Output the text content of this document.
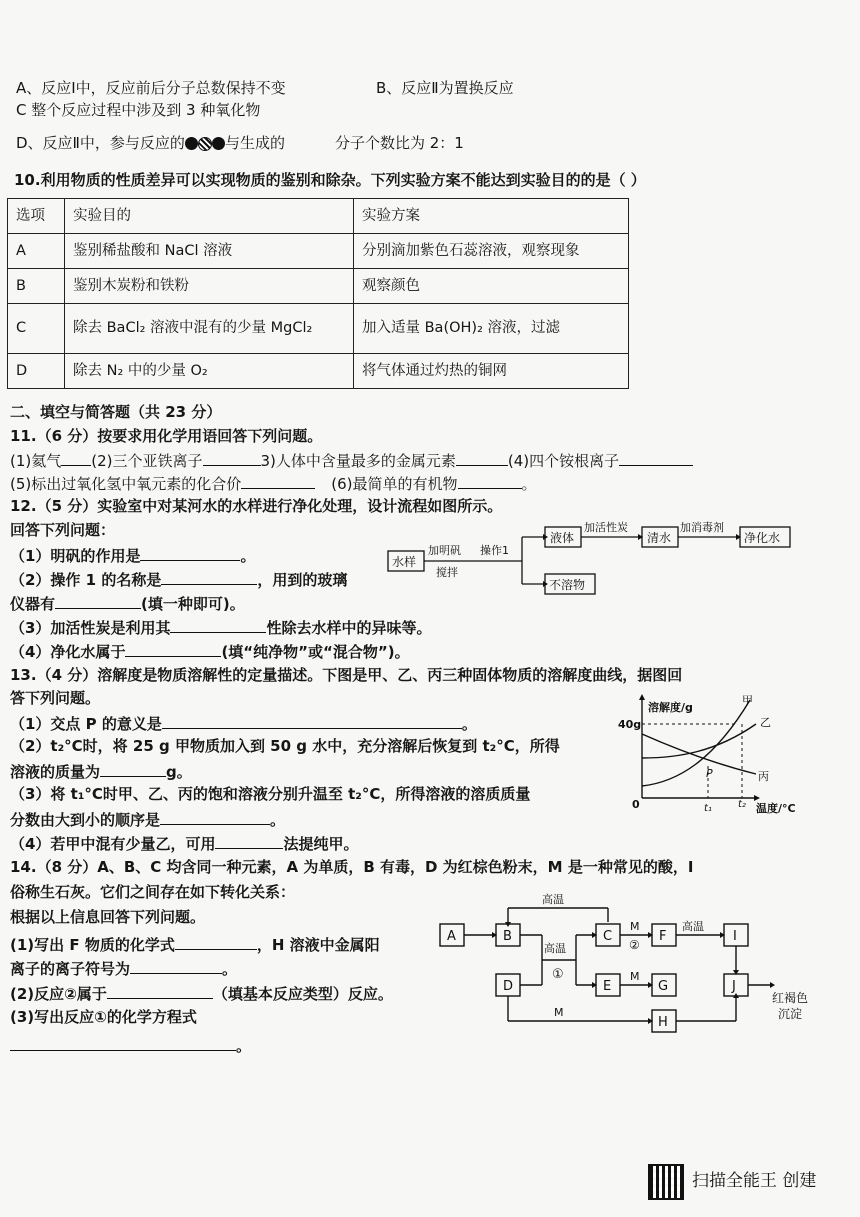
A、反应Ⅰ中，反应前后分子总数保持不变
C 整个反应过程中涉及到 3 种氧化物
B、反应Ⅱ为置换反应
D、反应Ⅱ中，参与反应的	与生成的	分子个数比为 2：1
10.利用物质的性质差异可以实现物质的鉴别和除杂。下列实验方案不能达到实验目的的是（ ）
选项	实验目的	实验方案
A	鉴别稀盐酸和 NaCl 溶液	分别滴加紫色石蕊溶液，观察现象
B	鉴别木炭粉和铁粉	观察颜色
C	除去 BaCl₂ 溶液中混有的少量 MgCl₂	加入适量 Ba(OH)₂ 溶液，过滤
D	除去 N₂ 中的少量 O₂	将气体通过灼热的铜网
二、填空与简答题（共 23 分）
11.（6 分）按要求用化学用语回答下列问题。
(1)氦气 (2)三个亚铁离子	3)人体中含量最多的金属元素	(4)四个铵根离子
(5)标出过氧化氢中氧元素的化合价	(6)最简单的有机物	。
12.（5 分）实验室中对某河水的水样进行净化处理，设计流程如图所示。
回答下列问题：
（1）明矾的作用是	。
（2）操作 1 的名称是	，用到的玻璃
仪器有	(填一种即可)。
（3）加活性炭是利用其	性除去水样中的异味等。
（4）净化水属于	(填“纯净物”或“混合物”)。
水样
加明矾
搅拌
操作1
液体
加活性炭
清水
加消毒剂
净化水
不溶物
13.（4 分）溶解度是物质溶解性的定量描述。下图是甲、乙、丙三种固体物质的溶解度曲线，据图回
答下列问题。
（1）交点 P 的意义是	。
（2）t₂°C时，将 25 g 甲物质加入到 50 g 水中，充分溶解后恢复到 t₂°C，所得
溶液的质量为	g。
（3）将 t₁°C时甲、乙、丙的饱和溶液分别升温至 t₂°C，所得溶液的溶质质量
分数由大到小的顺序是	。
（4）若甲中混有少量乙，可用	法提纯甲。
溶解度/g
40g
0	t₁	t₂ 温度/°C
甲
乙
丙
P
14.（8 分）A、B、C 均含同一种元素，A 为单质，B 有毒，D 为红棕色粉末，M 是一种常见的酸，I
俗称生石灰。它们之间存在如下转化关系：
根据以上信息回答下列问题。
(1)写出 F 物质的化学式	，H 溶液中金属阳
离子的离子符号为	。
(2)反应②属于	（填基本反应类型）反应。
(3)写出反应①的化学方程式
。
A	B	C	F	I
D	E	G	J
H
高温
高温
①
M
②
高温
M
M
红褐色
沉淀
扫描全能王 创建
